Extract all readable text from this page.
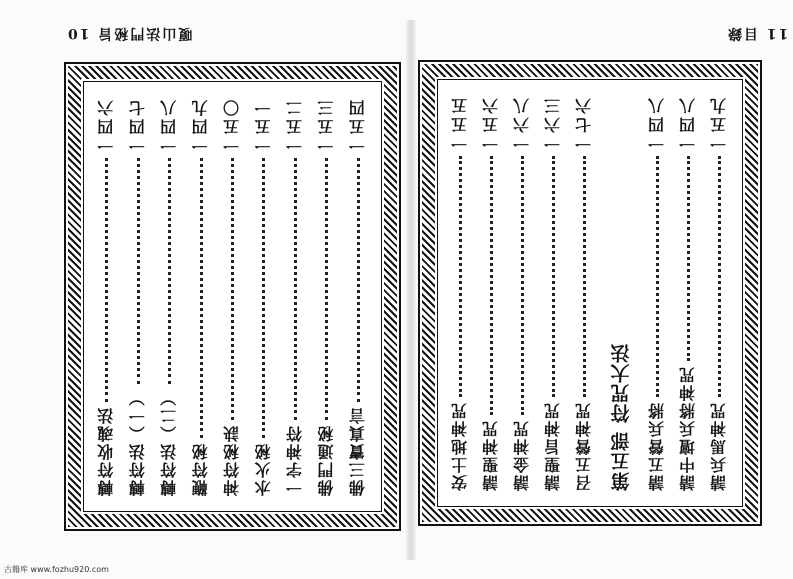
嗄山法門秘旨 10	11 目錄
佛三寶真言
一五四
佛門通秘
一五三
一字神符
一五二
水火秘
一五一
神符秘訣
一五〇
鞭符秘
一四九
轉符法（二）
一四八
轉符法（一）
一四七
轉符收魂法
一四六
請兵馬神咒
一五九
請中壇兵將神咒
一四八
請五營兵將
一四八
第五部 符咒大法
召五營神咒
一七六
請聖旨神咒
一六三
請金神咒
一六八
請聖神咒
一五六
安土地神咒
一五五
古籍库 www.fozhu920.com
